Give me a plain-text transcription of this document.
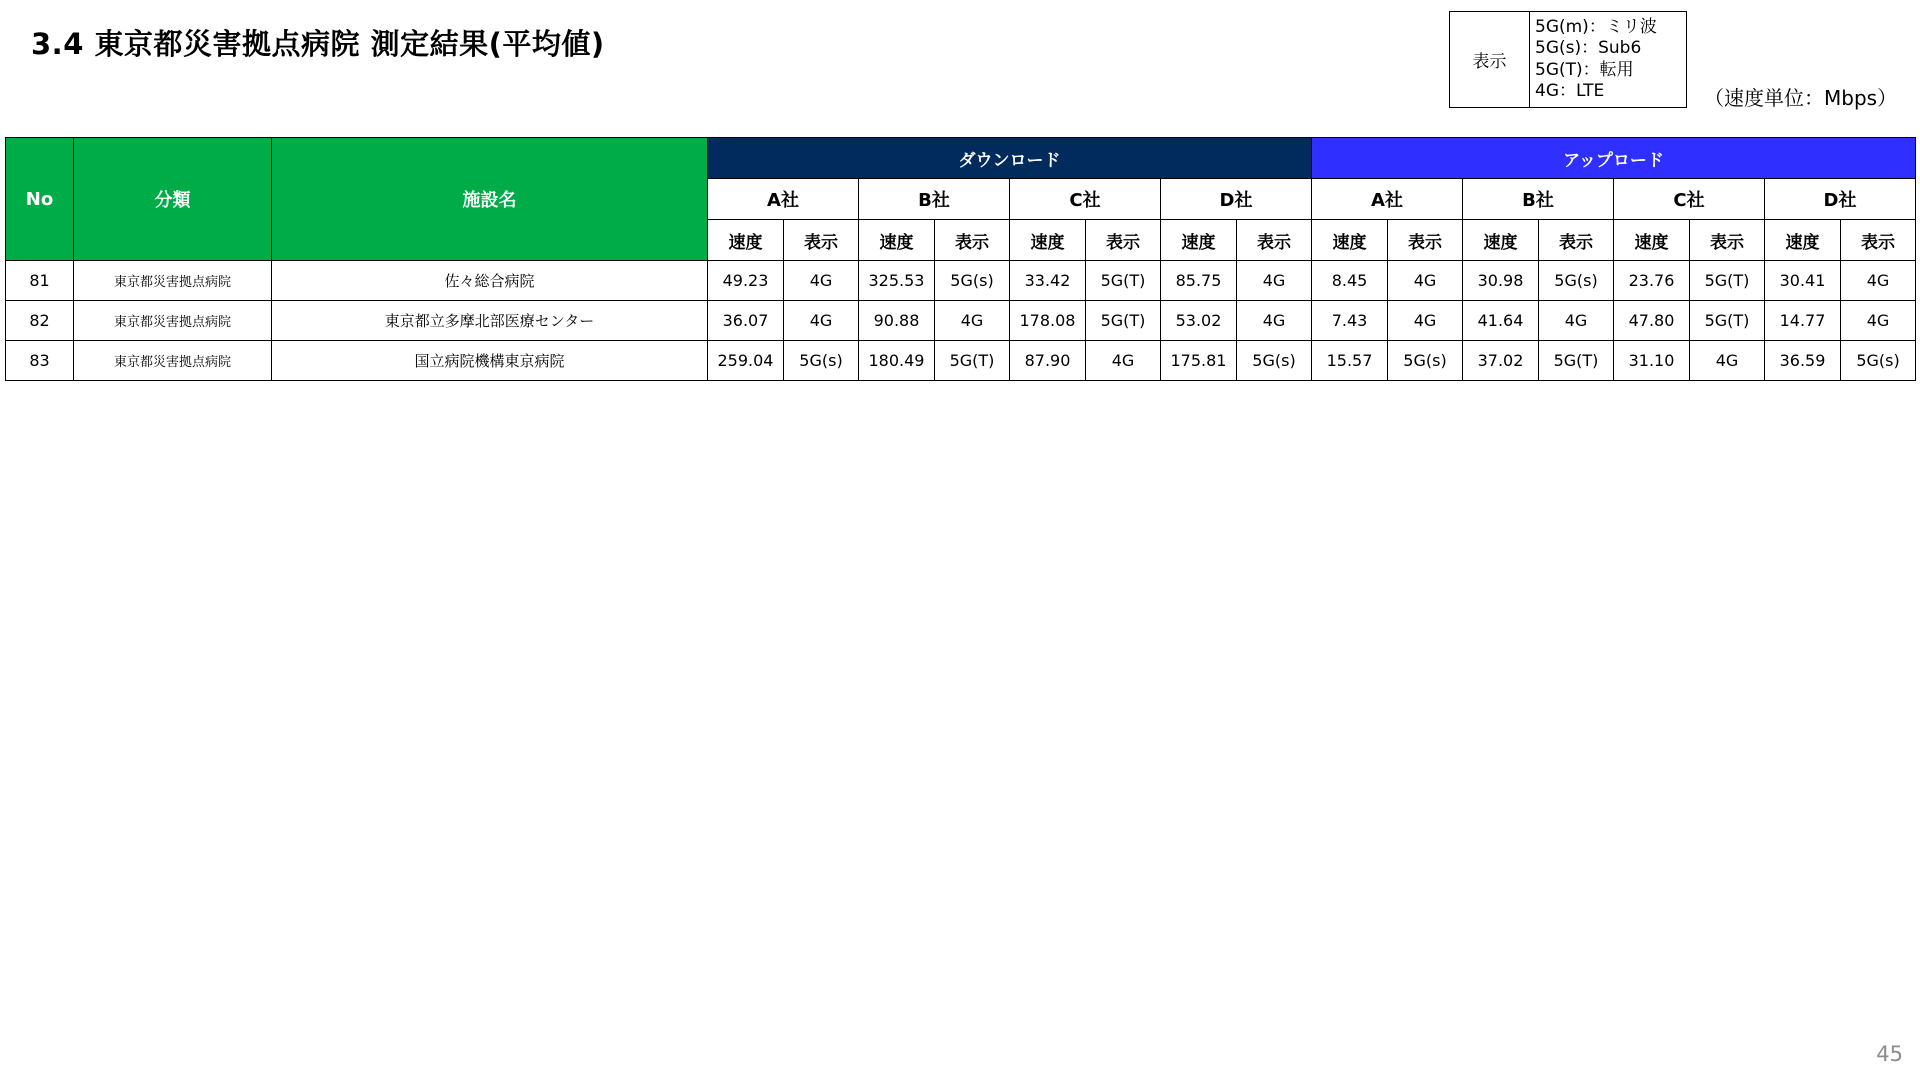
3.4 東京都災害拠点病院 測定結果(平均値)
表示
5G(m)：ミリ波
5G(s)：Sub6
5G(T)：転用
4G：LTE	（速度単位：Mbps）
No	分類	施設名	ダウンロード								アップロード							
			A社		B社		C社		D社		A社		B社		C社		D社	
			速度	表示	速度	表示	速度	表示	速度	表示	速度	表示	速度	表示	速度	表示	速度	表示
81	東京都災害拠点病院	佐々総合病院	49.23	4G	325.53	5G(s)	33.42	5G(T)	85.75	4G	8.45	4G	30.98	5G(s)	23.76	5G(T)	30.41	4G
82	東京都災害拠点病院	東京都立多摩北部医療センター	36.07	4G	90.88	4G	178.08	5G(T)	53.02	4G	7.43	4G	41.64	4G	47.80	5G(T)	14.77	4G
83	東京都災害拠点病院	国立病院機構東京病院	259.04	5G(s)	180.49	5G(T)	87.90	4G	175.81	5G(s)	15.57	5G(s)	37.02	5G(T)	31.10	4G	36.59	5G(s)
45
